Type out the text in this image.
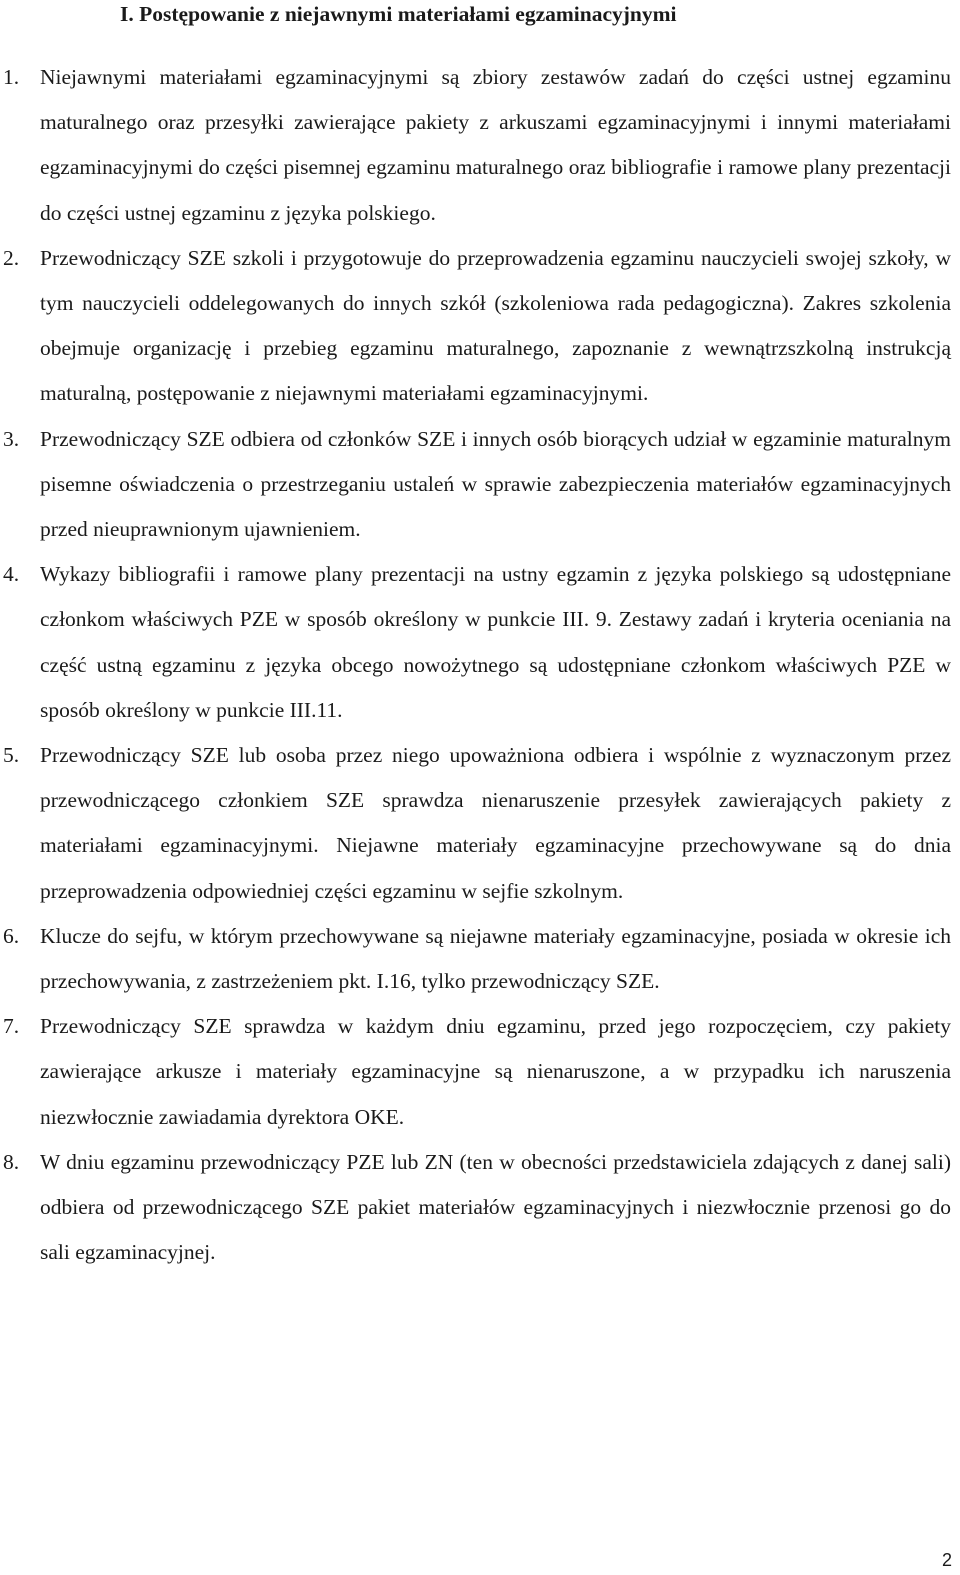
I. Postępowanie z niejawnymi materiałami egzaminacyjnymi
1. Niejawnymi materiałami egzaminacyjnymi są zbiory zestawów zadań do części ustnej egzaminu maturalnego oraz przesyłki zawierające pakiety z arkuszami egzaminacyjnymi i innymi materiałami egzaminacyjnymi do części pisemnej egzaminu maturalnego oraz bibliografie i ramowe plany prezentacji do części ustnej egzaminu z języka polskiego.
2. Przewodniczący SZE szkoli i przygotowuje do przeprowadzenia egzaminu nauczycieli swojej szkoły, w tym nauczycieli oddelegowanych do innych szkół (szkoleniowa rada pedagogiczna). Zakres szkolenia obejmuje organizację i przebieg egzaminu maturalnego, zapoznanie z wewnątrzszkolną instrukcją maturalną, postępowanie z niejawnymi materiałami egzaminacyjnymi.
3. Przewodniczący SZE odbiera od członków SZE i innych osób biorących udział w egzaminie maturalnym pisemne oświadczenia o przestrzeganiu ustaleń w sprawie zabezpieczenia materiałów egzaminacyjnych przed nieuprawnionym ujawnieniem.
4. Wykazy bibliografii i ramowe plany prezentacji na ustny egzamin z języka polskiego są udostępniane członkom właściwych PZE w sposób określony w punkcie III. 9. Zestawy zadań i kryteria oceniania na część ustną egzaminu z języka obcego nowożytnego są udostępniane członkom właściwych PZE w sposób określony w punkcie III.11.
5. Przewodniczący SZE lub osoba przez niego upoważniona odbiera i wspólnie z wyznaczonym przez przewodniczącego członkiem SZE sprawdza nienaruszenie przesyłek zawierających pakiety z materiałami egzaminacyjnymi. Niejawne materiały egzaminacyjne przechowywane są do dnia przeprowadzenia odpowiedniej części egzaminu w sejfie szkolnym.
6. Klucze do sejfu, w którym przechowywane są niejawne materiały egzaminacyjne, posiada w okresie ich przechowywania, z zastrzeżeniem pkt. I.16, tylko przewodniczący SZE.
7. Przewodniczący SZE sprawdza w każdym dniu egzaminu, przed jego rozpoczęciem, czy pakiety zawierające arkusze i materiały egzaminacyjne są nienaruszone, a w przypadku ich naruszenia niezwłocznie zawiadamia dyrektora OKE.
8. W dniu egzaminu przewodniczący PZE lub ZN (ten w obecności przedstawiciela zdających z danej sali) odbiera od przewodniczącego SZE pakiet materiałów egzaminacyjnych i niezwłocznie przenosi go do sali egzaminacyjnej.
2
